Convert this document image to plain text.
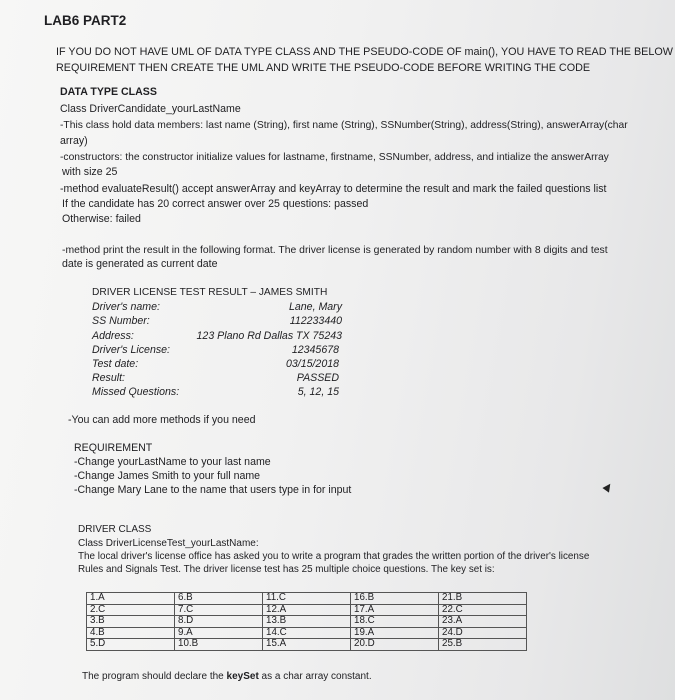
LAB6 PART2
IF YOU DO NOT HAVE UML OF DATA TYPE CLASS AND THE PSEUDO-CODE OF main(), YOU HAVE TO READ THE BELOW
REQUIREMENT THEN CREATE THE UML AND WRITE THE PSEUDO-CODE BEFORE WRITING THE CODE
DATA TYPE CLASS
Class DriverCandidate_yourLastName
-This class hold data members: last name (String), first name (String), SSNumber(String), address(String), answerArray(char
array)
-constructors: the constructor initialize values for lastname, firstname, SSNumber, address, and intialize the answerArray
with size 25
-method evaluateResult() accept answerArray and keyArray to determine the result and mark the failed questions list
If the candidate has 20 correct answer over 25 questions: passed
Otherwise: failed
-method print the result in the following format. The driver license is generated by random number with 8 digits and test
date is generated as current date
DRIVER LICENSE TEST RESULT – JAMES SMITH
Driver's name:	Lane, Mary
SS Number:	112233440
Address:	123 Plano Rd Dallas TX 75243
Driver's License:	12345678
Test date:	03/15/2018
Result:	PASSED
Missed Questions:	5, 12, 15
-You can add more methods if you need
REQUIREMENT
-Change yourLastName to your last name
-Change James Smith to your full name
-Change Mary Lane to the name that users type in for input
DRIVER CLASS
Class DriverLicenseTest_yourLastName:
The local driver's license office has asked you to write a program that grades the written portion of the driver's license
Rules and Signals Test. The driver license test has 25 multiple choice questions. The key set is:
1.A	6.B	11.C	16.B	21.B
2.C	7.C	12.A	17.A	22.C
3.B	8.D	13.B	18.C	23.A
4.B	9.A	14.C	19.A	24.D
5.D	10.B	15.A	20.D	25.B
The program should declare the keySet as a char array constant.
